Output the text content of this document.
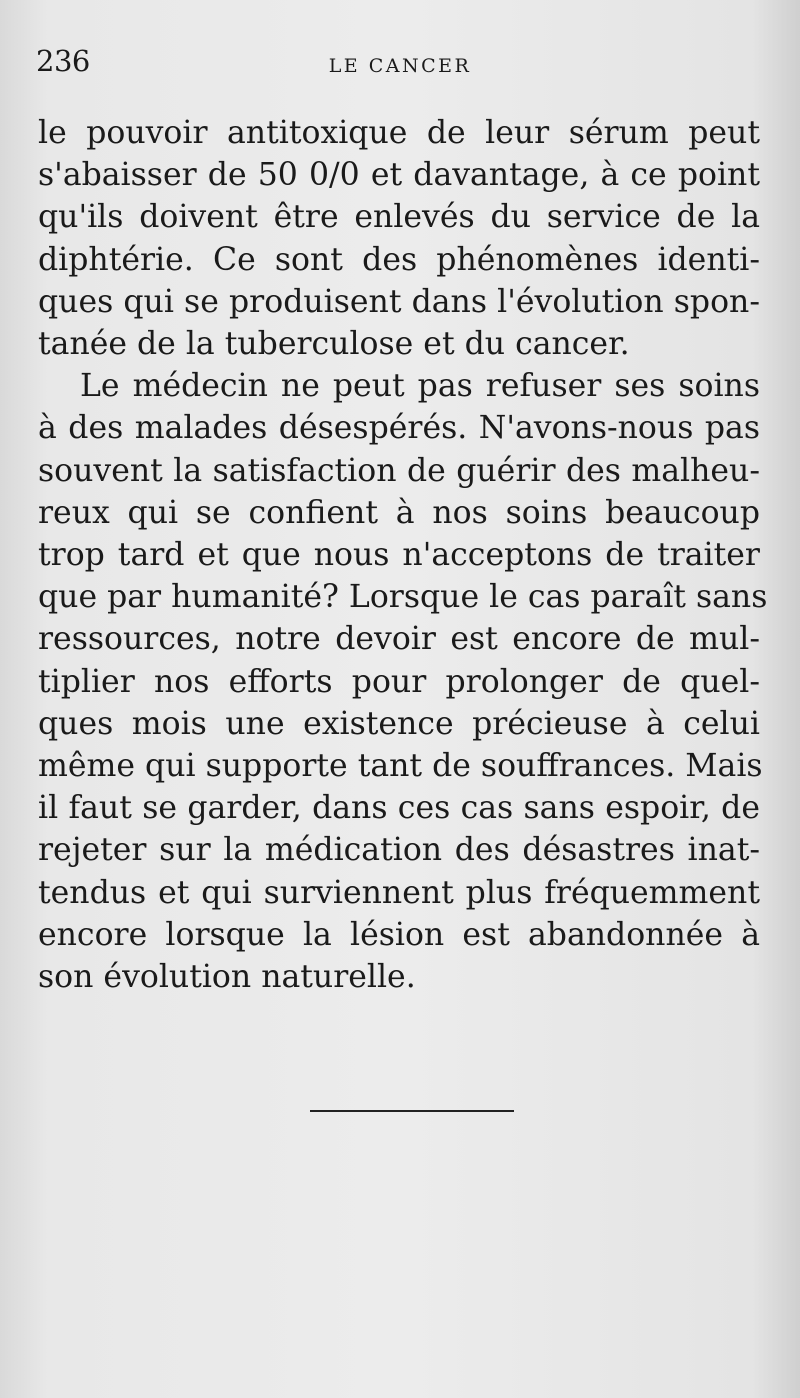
236	LE CANCER
le pouvoir antitoxique de leur sérum peut
s'abaisser de 50 0/0 et davantage, à ce point
qu'ils doivent être enlevés du service de la
diphtérie. Ce sont des phénomènes identi-
ques qui se produisent dans l'évolution spon-
tanée de la tuberculose et du cancer.
Le médecin ne peut pas refuser ses soins
à des malades désespérés. N'avons-nous pas
souvent la satisfaction de guérir des malheu-
reux qui se confient à nos soins beaucoup
trop tard et que nous n'acceptons de traiter
que par humanité? Lorsque le cas paraît sans
ressources, notre devoir est encore de mul-
tiplier nos efforts pour prolonger de quel-
ques mois une existence précieuse à celui
même qui supporte tant de souffrances. Mais
il faut se garder, dans ces cas sans espoir, de
rejeter sur la médication des désastres inat-
tendus et qui surviennent plus fréquemment
encore lorsque la lésion est abandonnée à
son évolution naturelle.
